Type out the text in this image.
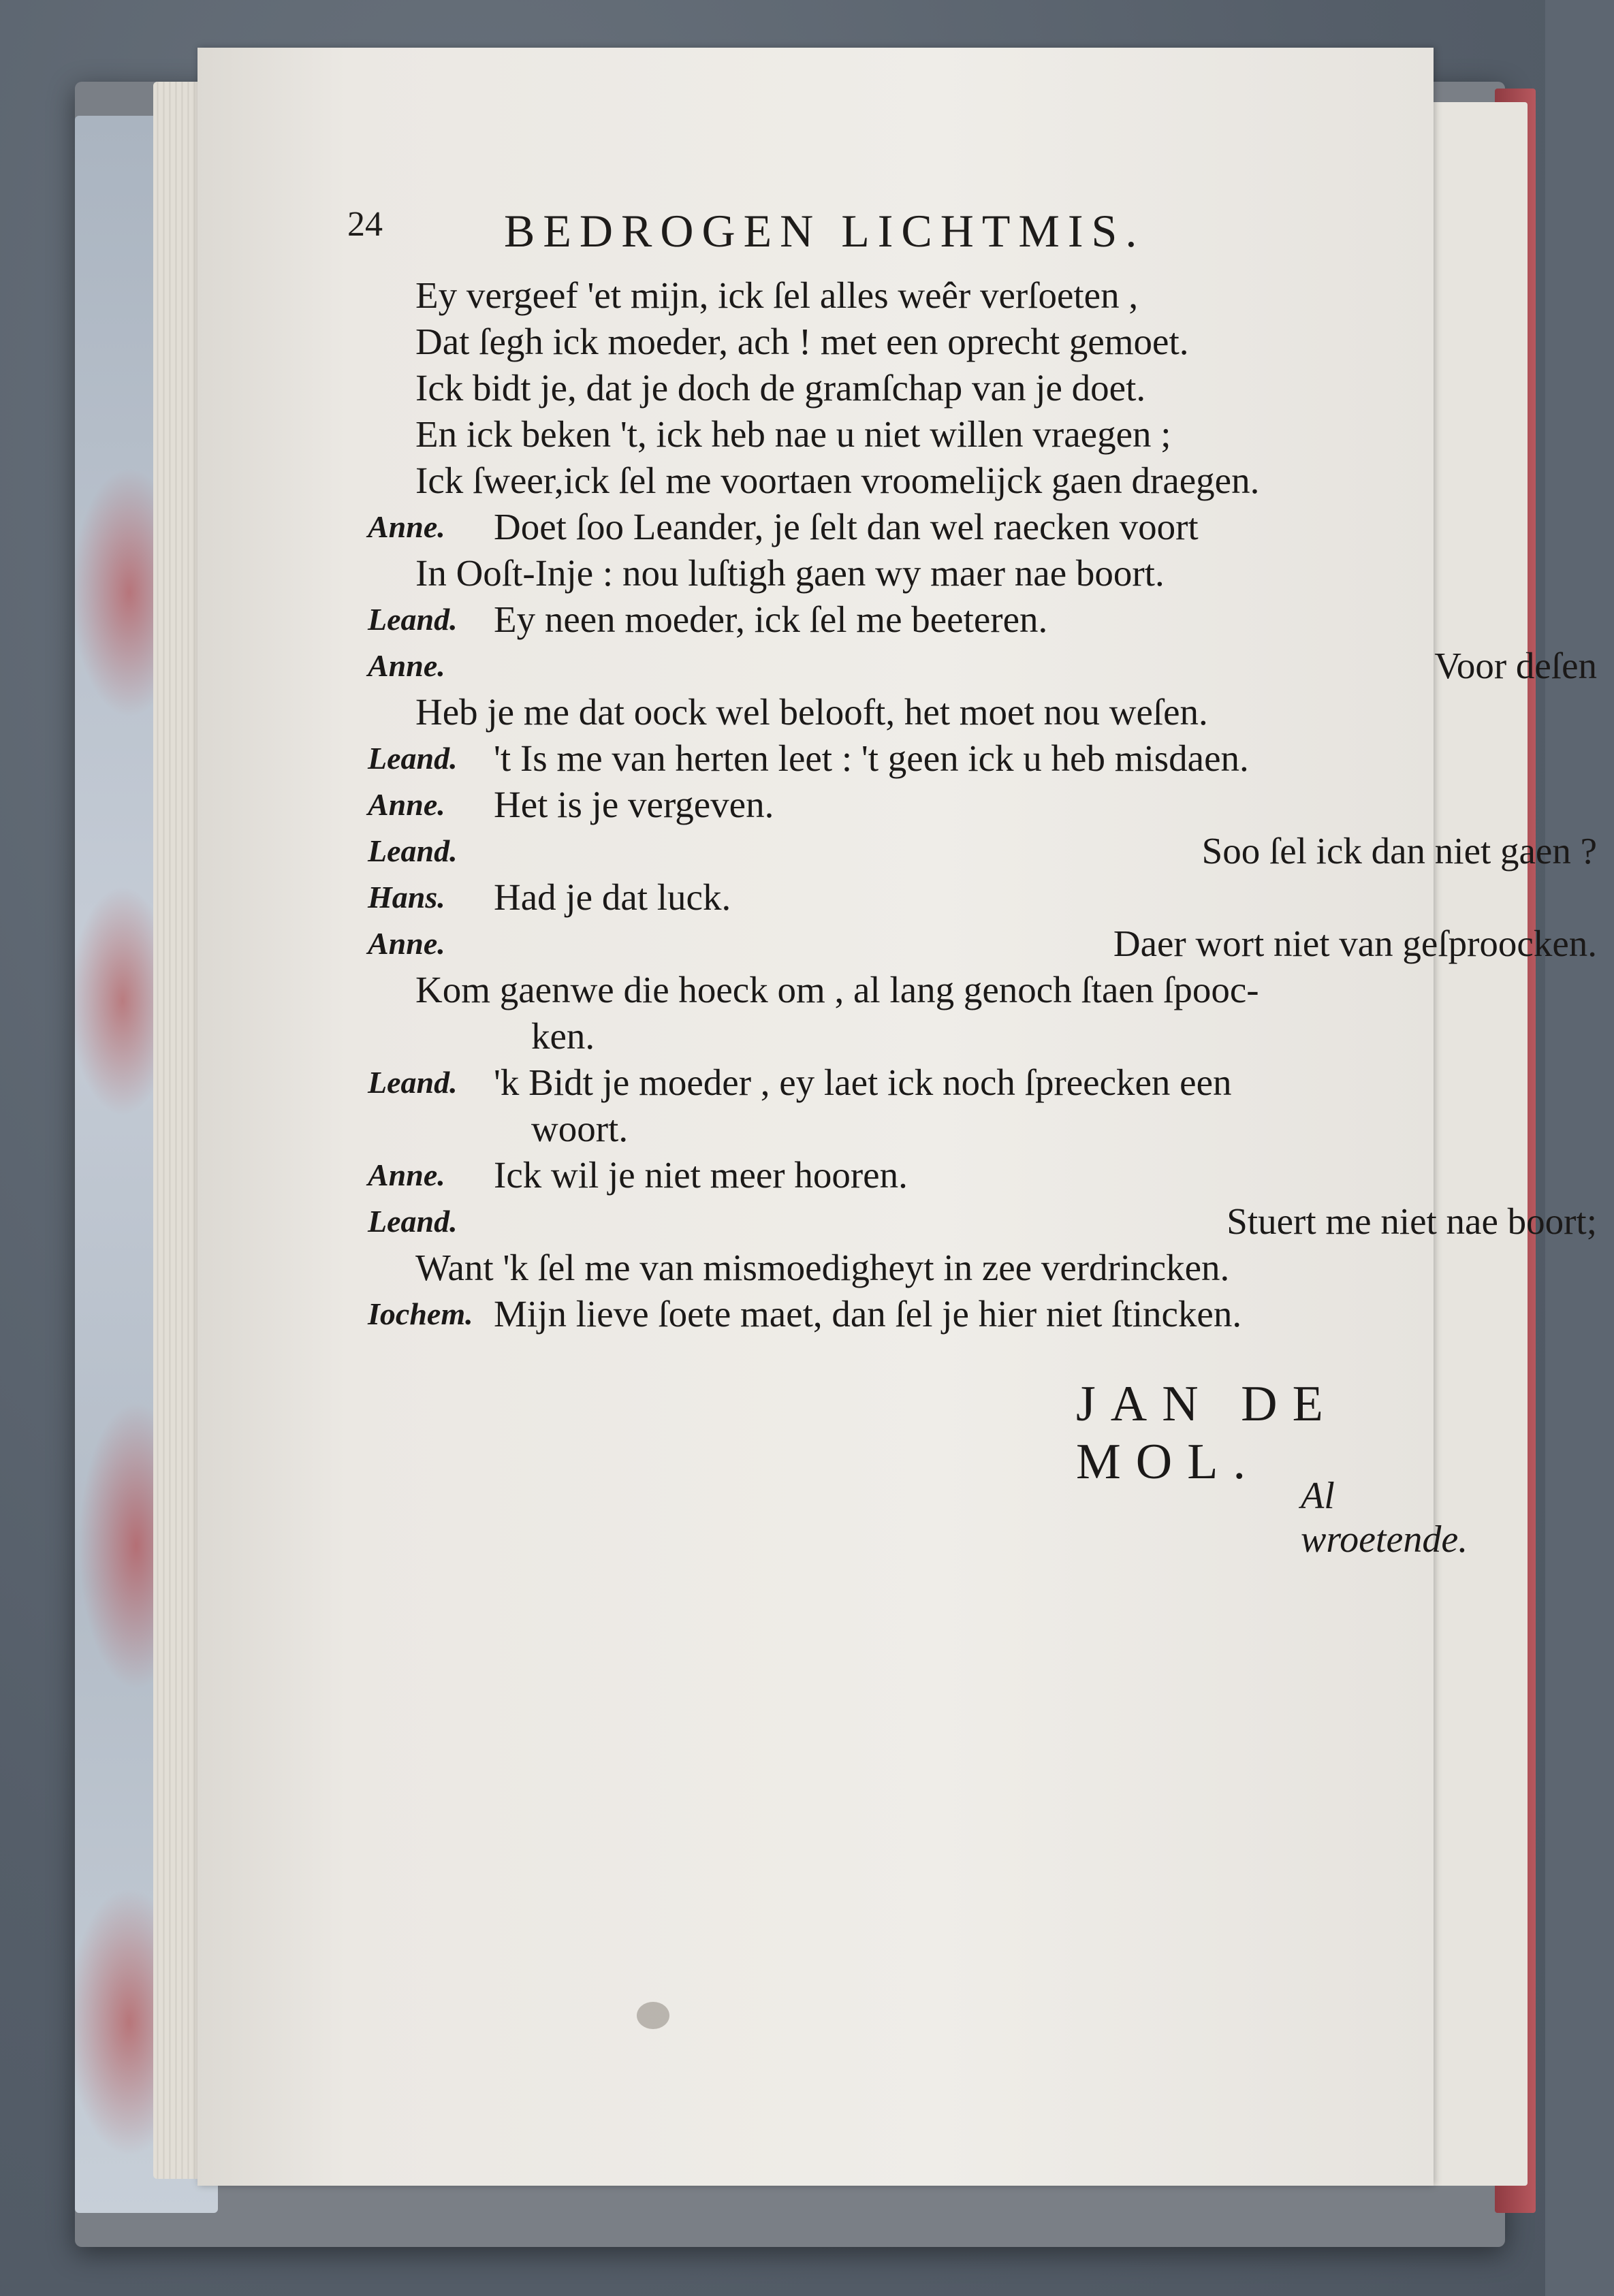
24	BEDROGEN LICHTMIS.
Ey vergeef 'et mijn, ick ſel alles weêr verſoeten ,
Dat ſegh ick moeder, ach ! met een oprecht gemoet.
Ick bidt je, dat je doch de gramſchap van je doet.
En ick beken 't, ick heb nae u niet willen vraegen ;
Ick ſweer,ick ſel me voortaen vroomelijck gaen draegen.
Anne. Doet ſoo Leander, je ſelt dan wel raecken voort
In Ooſt-Inje : nou luſtigh gaen wy maer nae boort.
Leand. Ey neen moeder, ick ſel me beeteren.
Anne.	Voor deſen
Heb je me dat oock wel belooft, het moet nou weſen.
Leand. 't Is me van herten leet : 't geen ick u heb misdaen.
Anne. Het is je vergeven.
Leand.	Soo ſel ick dan niet gaen ?
Hans. Had je dat luck.
Anne.	Daer wort niet van geſproocken.
Kom gaenwe die hoeck om , al lang genoch ſtaen ſpooc-
ken.
Leand. 'k Bidt je moeder , ey laet ick noch ſpreecken een
woort.
Anne. Ick wil je niet meer hooren.
Leand.	Stuert me niet nae boort;
Want 'k ſel me van mismoedigheyt in zee verdrincken.
Iochem. Mijn lieve ſoete maet, dan ſel je hier niet ſtincken.
JAN DE MOL.
Al wroetende.
